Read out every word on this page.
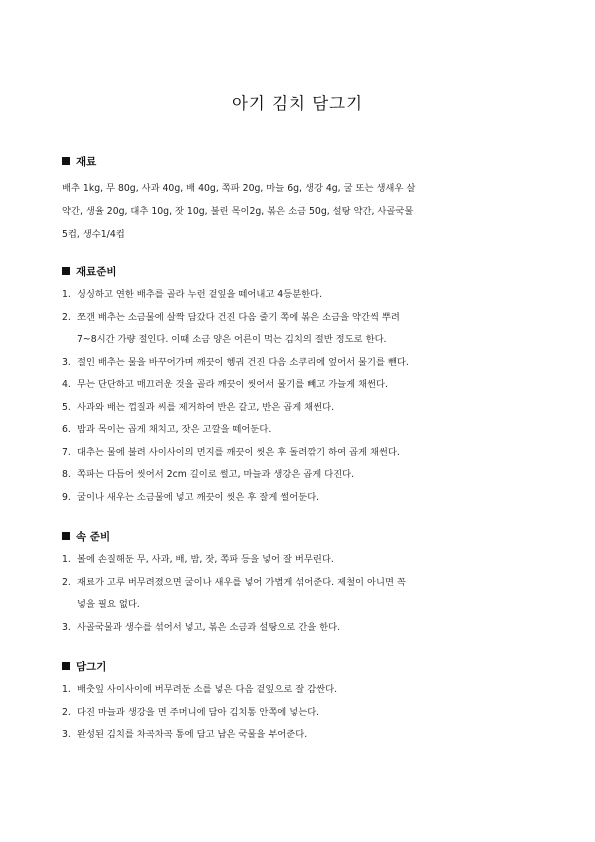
아기 김치 담그기
재료
배추 1kg, 무 80g, 사과 40g, 배 40g, 쪽파 20g, 마늘 6g, 생강 4g, 굴 또는 생새우 살
약간, 생율 20g, 대추 10g, 잣 10g, 불린 목이2g, 볶은 소금 50g, 설탕 약간, 사골국물
5컵, 생수1/4컵
재료준비
1. 싱싱하고 연한 배추를 골라 누런 겉잎을 떼어내고 4등분한다.
2. 쪼갠 배추는 소금물에 살짝 담갔다 건진 다음 줄기 쪽에 볶은 소금을 약간씩 뿌려
7~8시간 가량 절인다. 이때 소금 양은 어른이 먹는 김치의 절반 정도로 한다.
3. 절인 배추는 물을 바꾸어가며 깨끗이 헹궈 건진 다음 소쿠리에 엎어서 물기를 뺀다.
4. 무는 단단하고 매끄러운 것을 골라 깨끗이 씻어서 물기를 빼고 가늘게 채썬다.
5. 사과와 배는 껍질과 씨를 제거하여 반은 갈고, 반은 곱게 채썬다.
6. 밤과 목이는 곱게 채치고, 잣은 고깔을 떼어둔다.
7. 대추는 물에 불려 사이사이의 먼지를 깨끗이 씻은 후 돌려깎기 하여 곱게 채썬다.
8. 쪽파는 다듬어 씻어서 2cm 길이로 썰고, 마늘과 생강은 곱게 다진다.
9. 굴이나 새우는 소금물에 넣고 깨끗이 씻은 후 잘게 썰어둔다.
속 준비
1. 볼에 손질해둔 무, 사과, 배, 밤, 잣, 쪽파 등을 넣어 잘 버무린다.
2. 재료가 고루 버무려졌으면 굴이나 새우를 넣어 가볍게 섞어준다. 제철이 아니면 꼭
넣을 필요 없다.
3. 사골국물과 생수를 섞어서 넣고, 볶은 소금과 설탕으로 간을 한다.
담그기
1. 배춧잎 사이사이에 버무려둔 소를 넣은 다음 겉잎으로 잘 감싼다.
2. 다진 마늘과 생강을 면 주머니에 담아 김치통 안쪽에 넣는다.
3. 완성된 김치를 차곡차곡 통에 담고 남은 국물을 부어준다.
